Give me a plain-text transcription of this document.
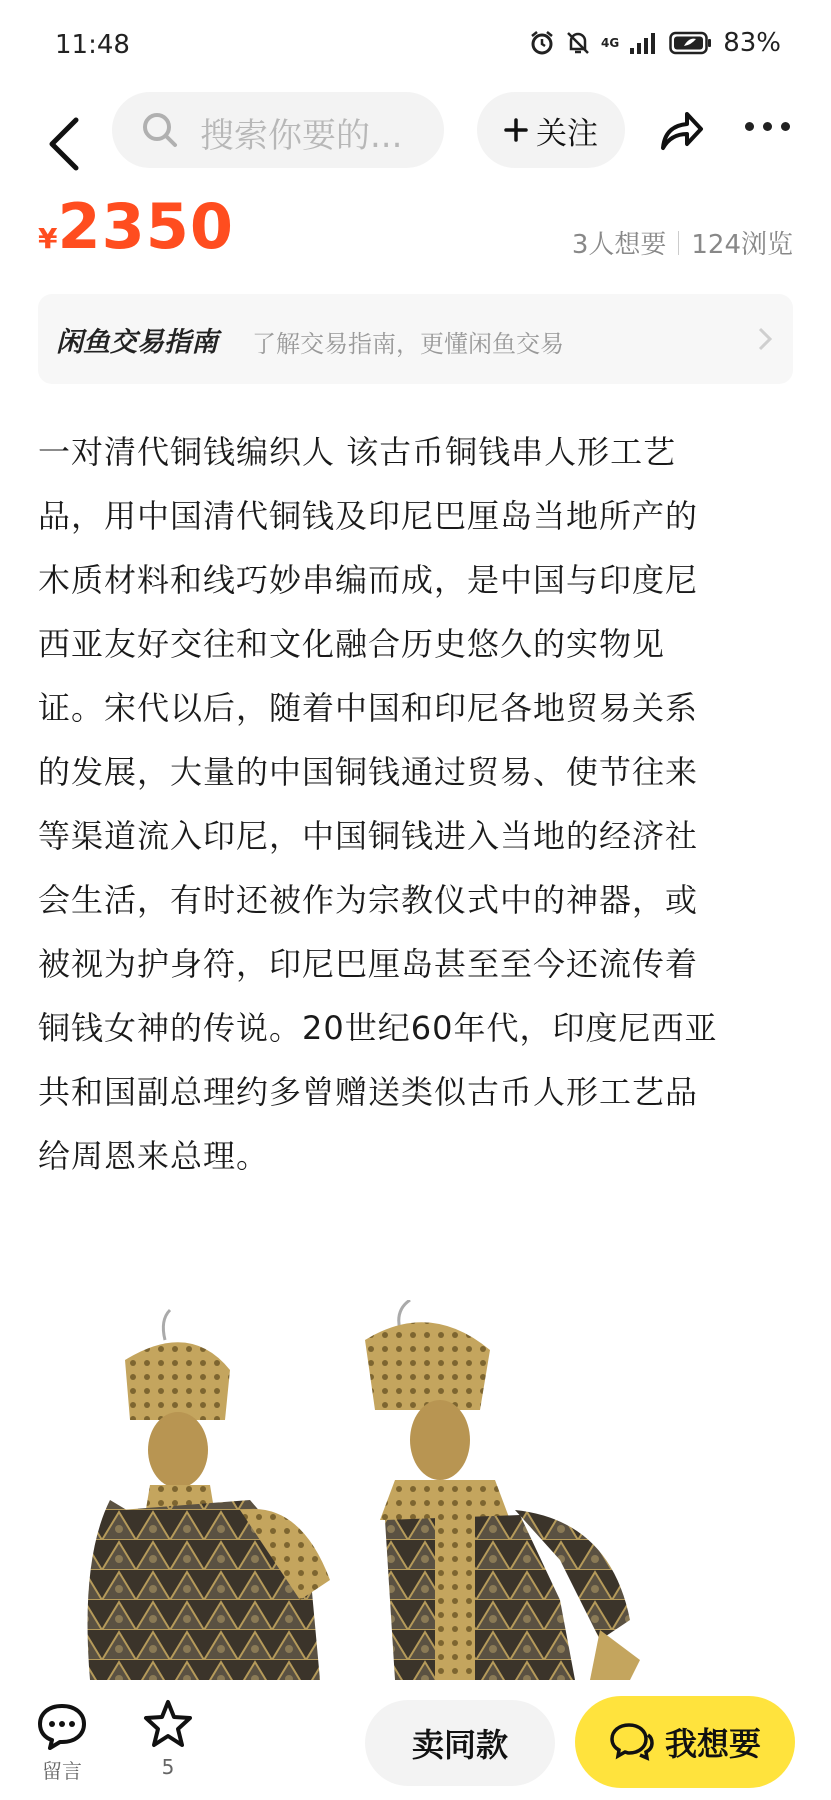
11:48	4G	83%
搜索你要的...	关注
¥2350	3人想要 124浏览
闲鱼交易指南 了解交易指南，更懂闲鱼交易
一对清代铜钱编织人 该古币铜钱串人形工艺
品，用中国清代铜钱及印尼巴厘岛当地所产的
木质材料和线巧妙串编而成，是中国与印度尼
西亚友好交往和文化融合历史悠久的实物见
证。宋代以后，随着中国和印尼各地贸易关系
的发展，大量的中国铜钱通过贸易、使节往来
等渠道流入印尼，中国铜钱进入当地的经济社
会生活，有时还被作为宗教仪式中的神器，或
被视为护身符，印尼巴厘岛甚至至今还流传着
铜钱女神的传说。20世纪60年代，印度尼西亚
共和国副总理约多曾赠送类似古币人形工艺品
给周恩来总理。
留言	5
卖同款	我想要
